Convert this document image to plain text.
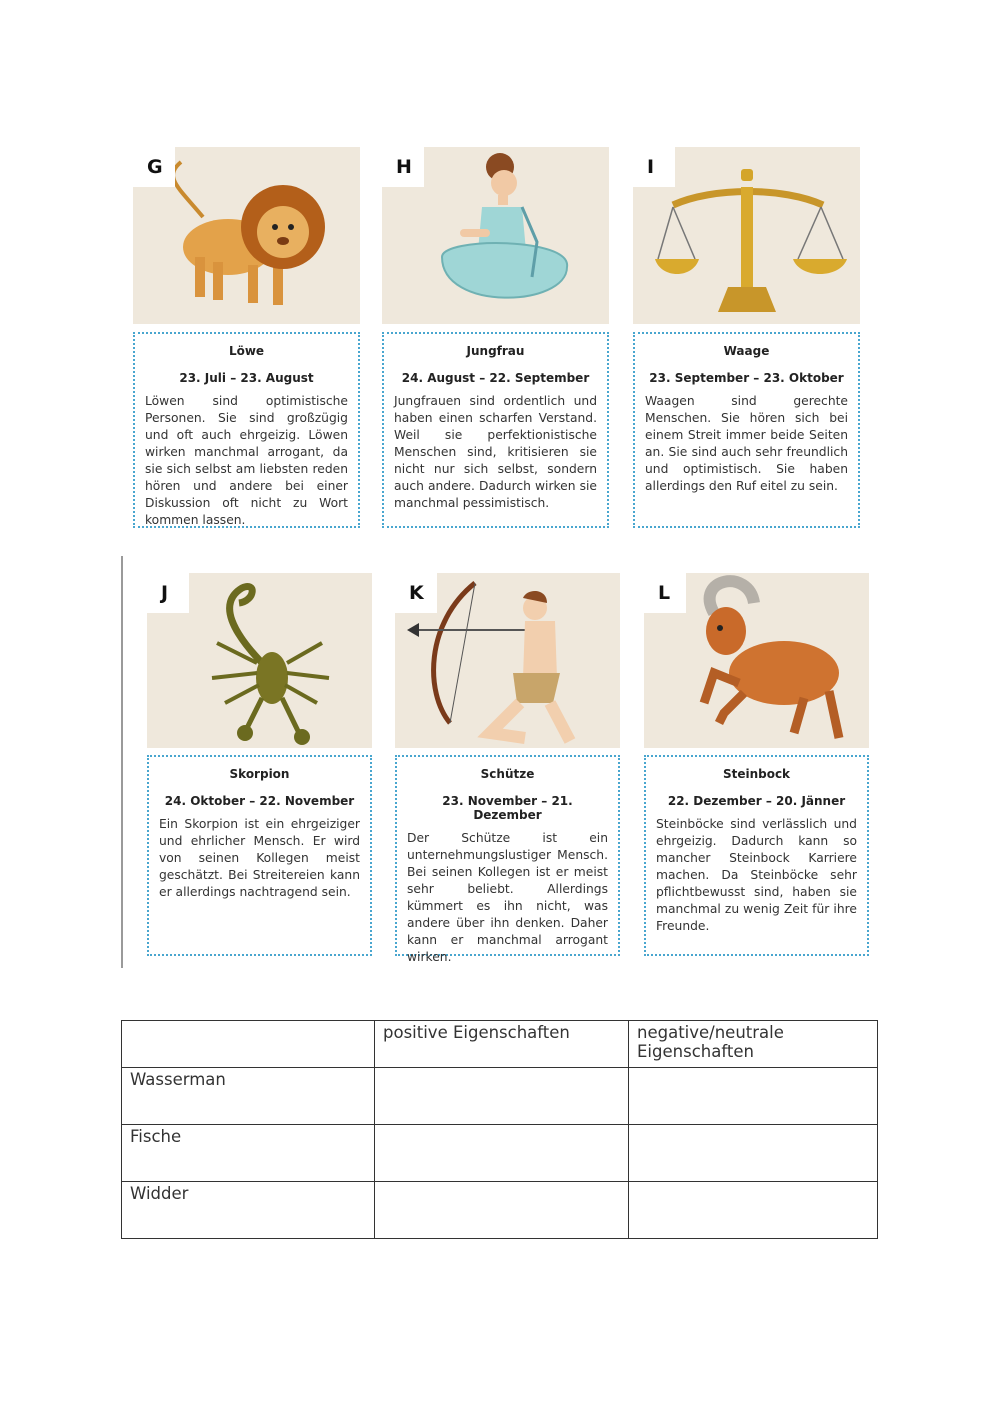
G
Löwe
23. Juli – 23. August
Löwen sind optimistische Personen. Sie sind großzügig und oft auch ehrgeizig. Löwen wirken manchmal arrogant, da sie sich selbst am liebsten reden hören und andere bei einer Diskussion oft nicht zu Wort kommen lassen.
H
Jungfrau
24. August – 22. September
Jungfrauen sind ordentlich und haben einen scharfen Verstand. Weil sie perfektionistische Menschen sind, kritisieren sie nicht nur sich selbst, sondern auch andere. Dadurch wirken sie manchmal pessimistisch.
I
Waage
23. September – 23. Oktober
Waagen sind gerechte Menschen. Sie hören sich bei einem Streit immer beide Seiten an. Sie sind auch sehr freundlich und optimistisch. Sie haben allerdings den Ruf eitel zu sein.
J
Skorpion
24. Oktober – 22. November
Ein Skorpion ist ein ehrgeiziger und ehrlicher Mensch. Er wird von seinen Kollegen meist geschätzt. Bei Streitereien kann er allerdings nachtragend sein.
K
Schütze
23. November – 21. Dezember
Der Schütze ist ein unternehmungslustiger Mensch. Bei seinen Kollegen ist er meist sehr beliebt. Allerdings kümmert es ihn nicht, was andere über ihn denken. Daher kann er manchmal arrogant wirken.
L
Steinbock
22. Dezember – 20. Jänner
Steinböcke sind verlässlich und ehrgeizig. Dadurch kann so mancher Steinbock Karriere machen. Da Steinböcke sehr pflichtbewusst sind, haben sie manchmal zu wenig Zeit für ihre Freunde.
	positive Eigenschaften	negative/neutrale Eigenschaften
Wasserman		
Fische		
Widder		
